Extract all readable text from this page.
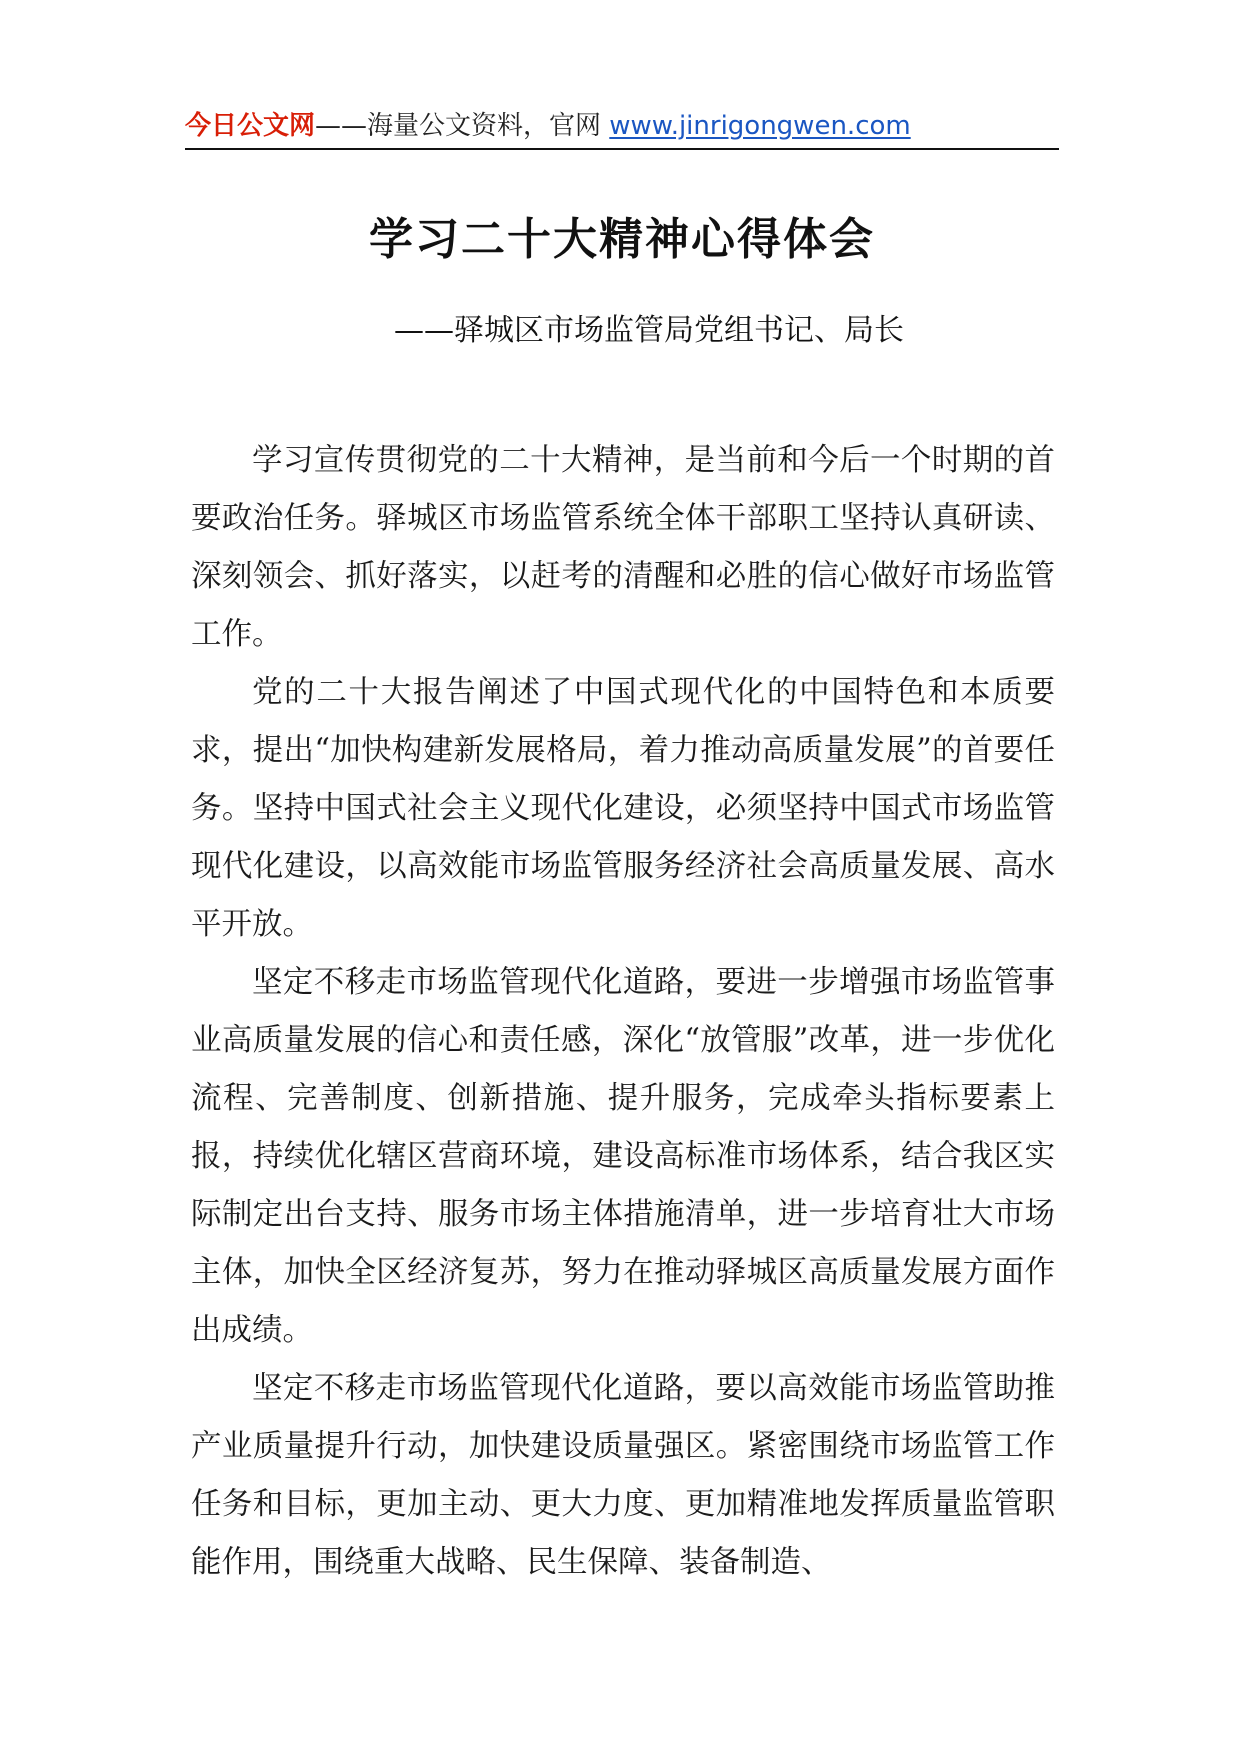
今日公文网——海量公文资料，官网 www.jinrigongwen.com
学习二十大精神心得体会
——驿城区市场监管局党组书记、局长

学习宣传贯彻党的二十大精神，是当前和今后一个时期的首要政治任务。驿城区市场监管系统全体干部职工坚持认真研读、深刻领会、抓好落实，以赶考的清醒和必胜的信心做好市场监管工作。

党的二十大报告阐述了中国式现代化的中国特色和本质要求，提出“加快构建新发展格局，着力推动高质量发展”的首要任务。坚持中国式社会主义现代化建设，必须坚持中国式市场监管现代化建设，以高效能市场监管服务经济社会高质量发展、高水平开放。

坚定不移走市场监管现代化道路，要进一步增强市场监管事业高质量发展的信心和责任感，深化“放管服”改革，进一步优化流程、完善制度、创新措施、提升服务，完成牵头指标要素上报，持续优化辖区营商环境，建设高标准市场体系，结合我区实际制定出台支持、服务市场主体措施清单，进一步培育壮大市场主体，加快全区经济复苏，努力在推动驿城区高质量发展方面作出成绩。

坚定不移走市场监管现代化道路，要以高效能市场监管助推产业质量提升行动，加快建设质量强区。紧密围绕市场监管工作任务和目标，更加主动、更大力度、更加精准地发挥质量监管职能作用，围绕重大战略、民生保障、装备制造、
